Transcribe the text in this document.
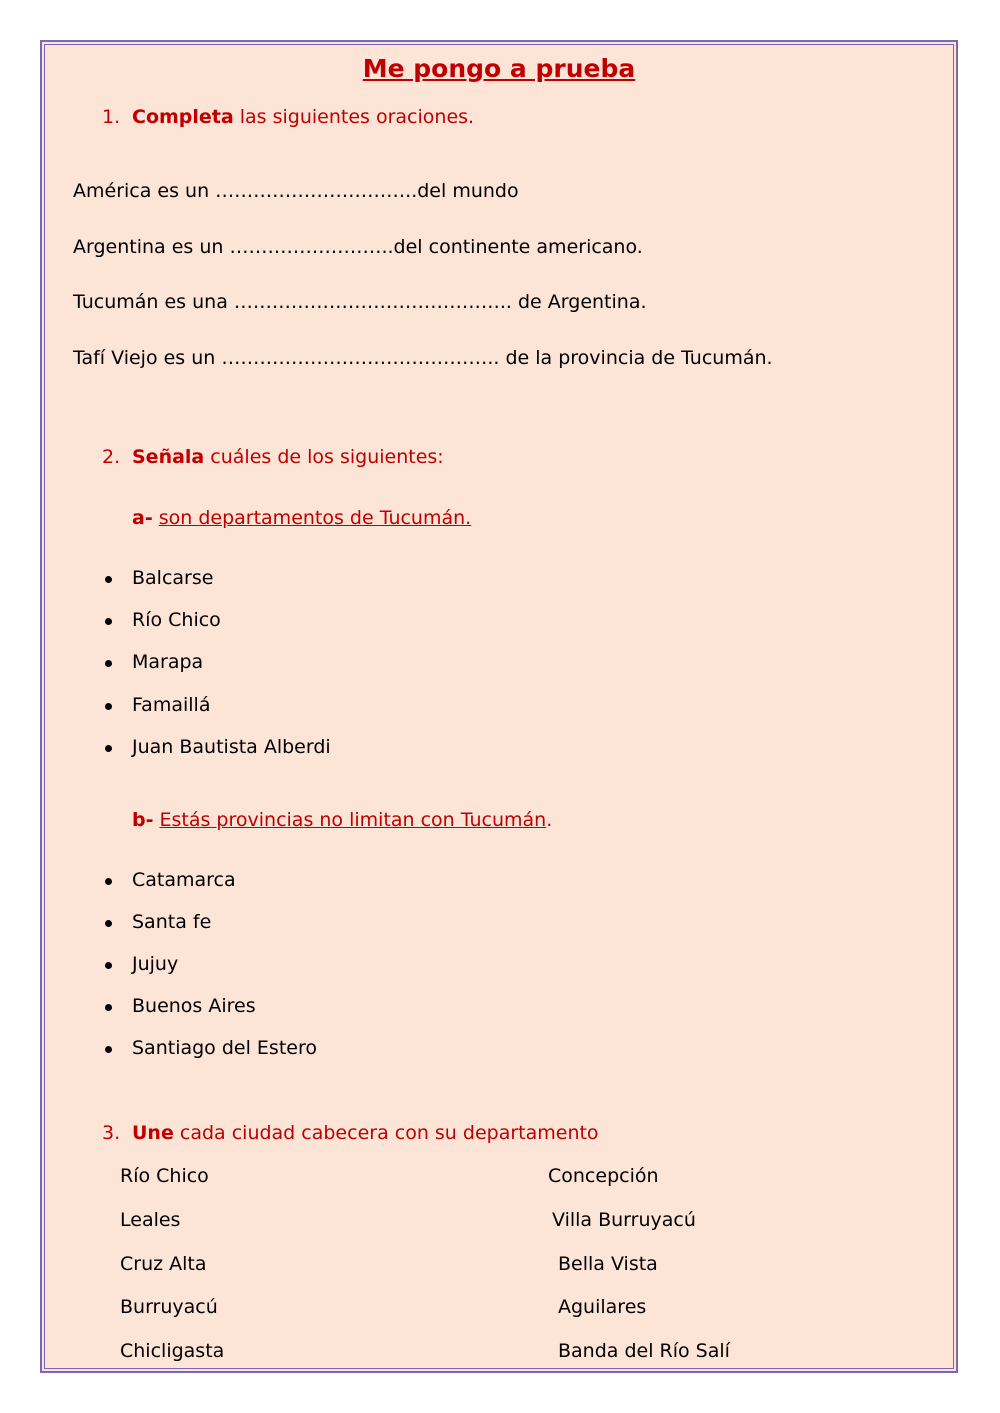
Me pongo a prueba
1. Completa las siguientes oraciones.
América es un …………………………..del mundo
Argentina es un ……………………..del continente americano.
Tucumán es una …………………………………….. de Argentina.
Tafí Viejo es un …………………………………….. de la provincia de Tucumán.
2. Señala cuáles de los siguientes:
a- son departamentos de Tucumán.
Balcarse
Río Chico
Marapa
Famaillá
Juan Bautista Alberdi
b- Estás provincias no limitan con Tucumán.
Catamarca
Santa fe
Jujuy
Buenos Aires
Santiago del Estero
3. Une cada ciudad cabecera con su departamento
Río Chico
Leales
Cruz Alta
Burruyacú
Chicligasta
Concepción
Villa Burruyacú
Bella Vista
Aguilares
Banda del Río Salí
